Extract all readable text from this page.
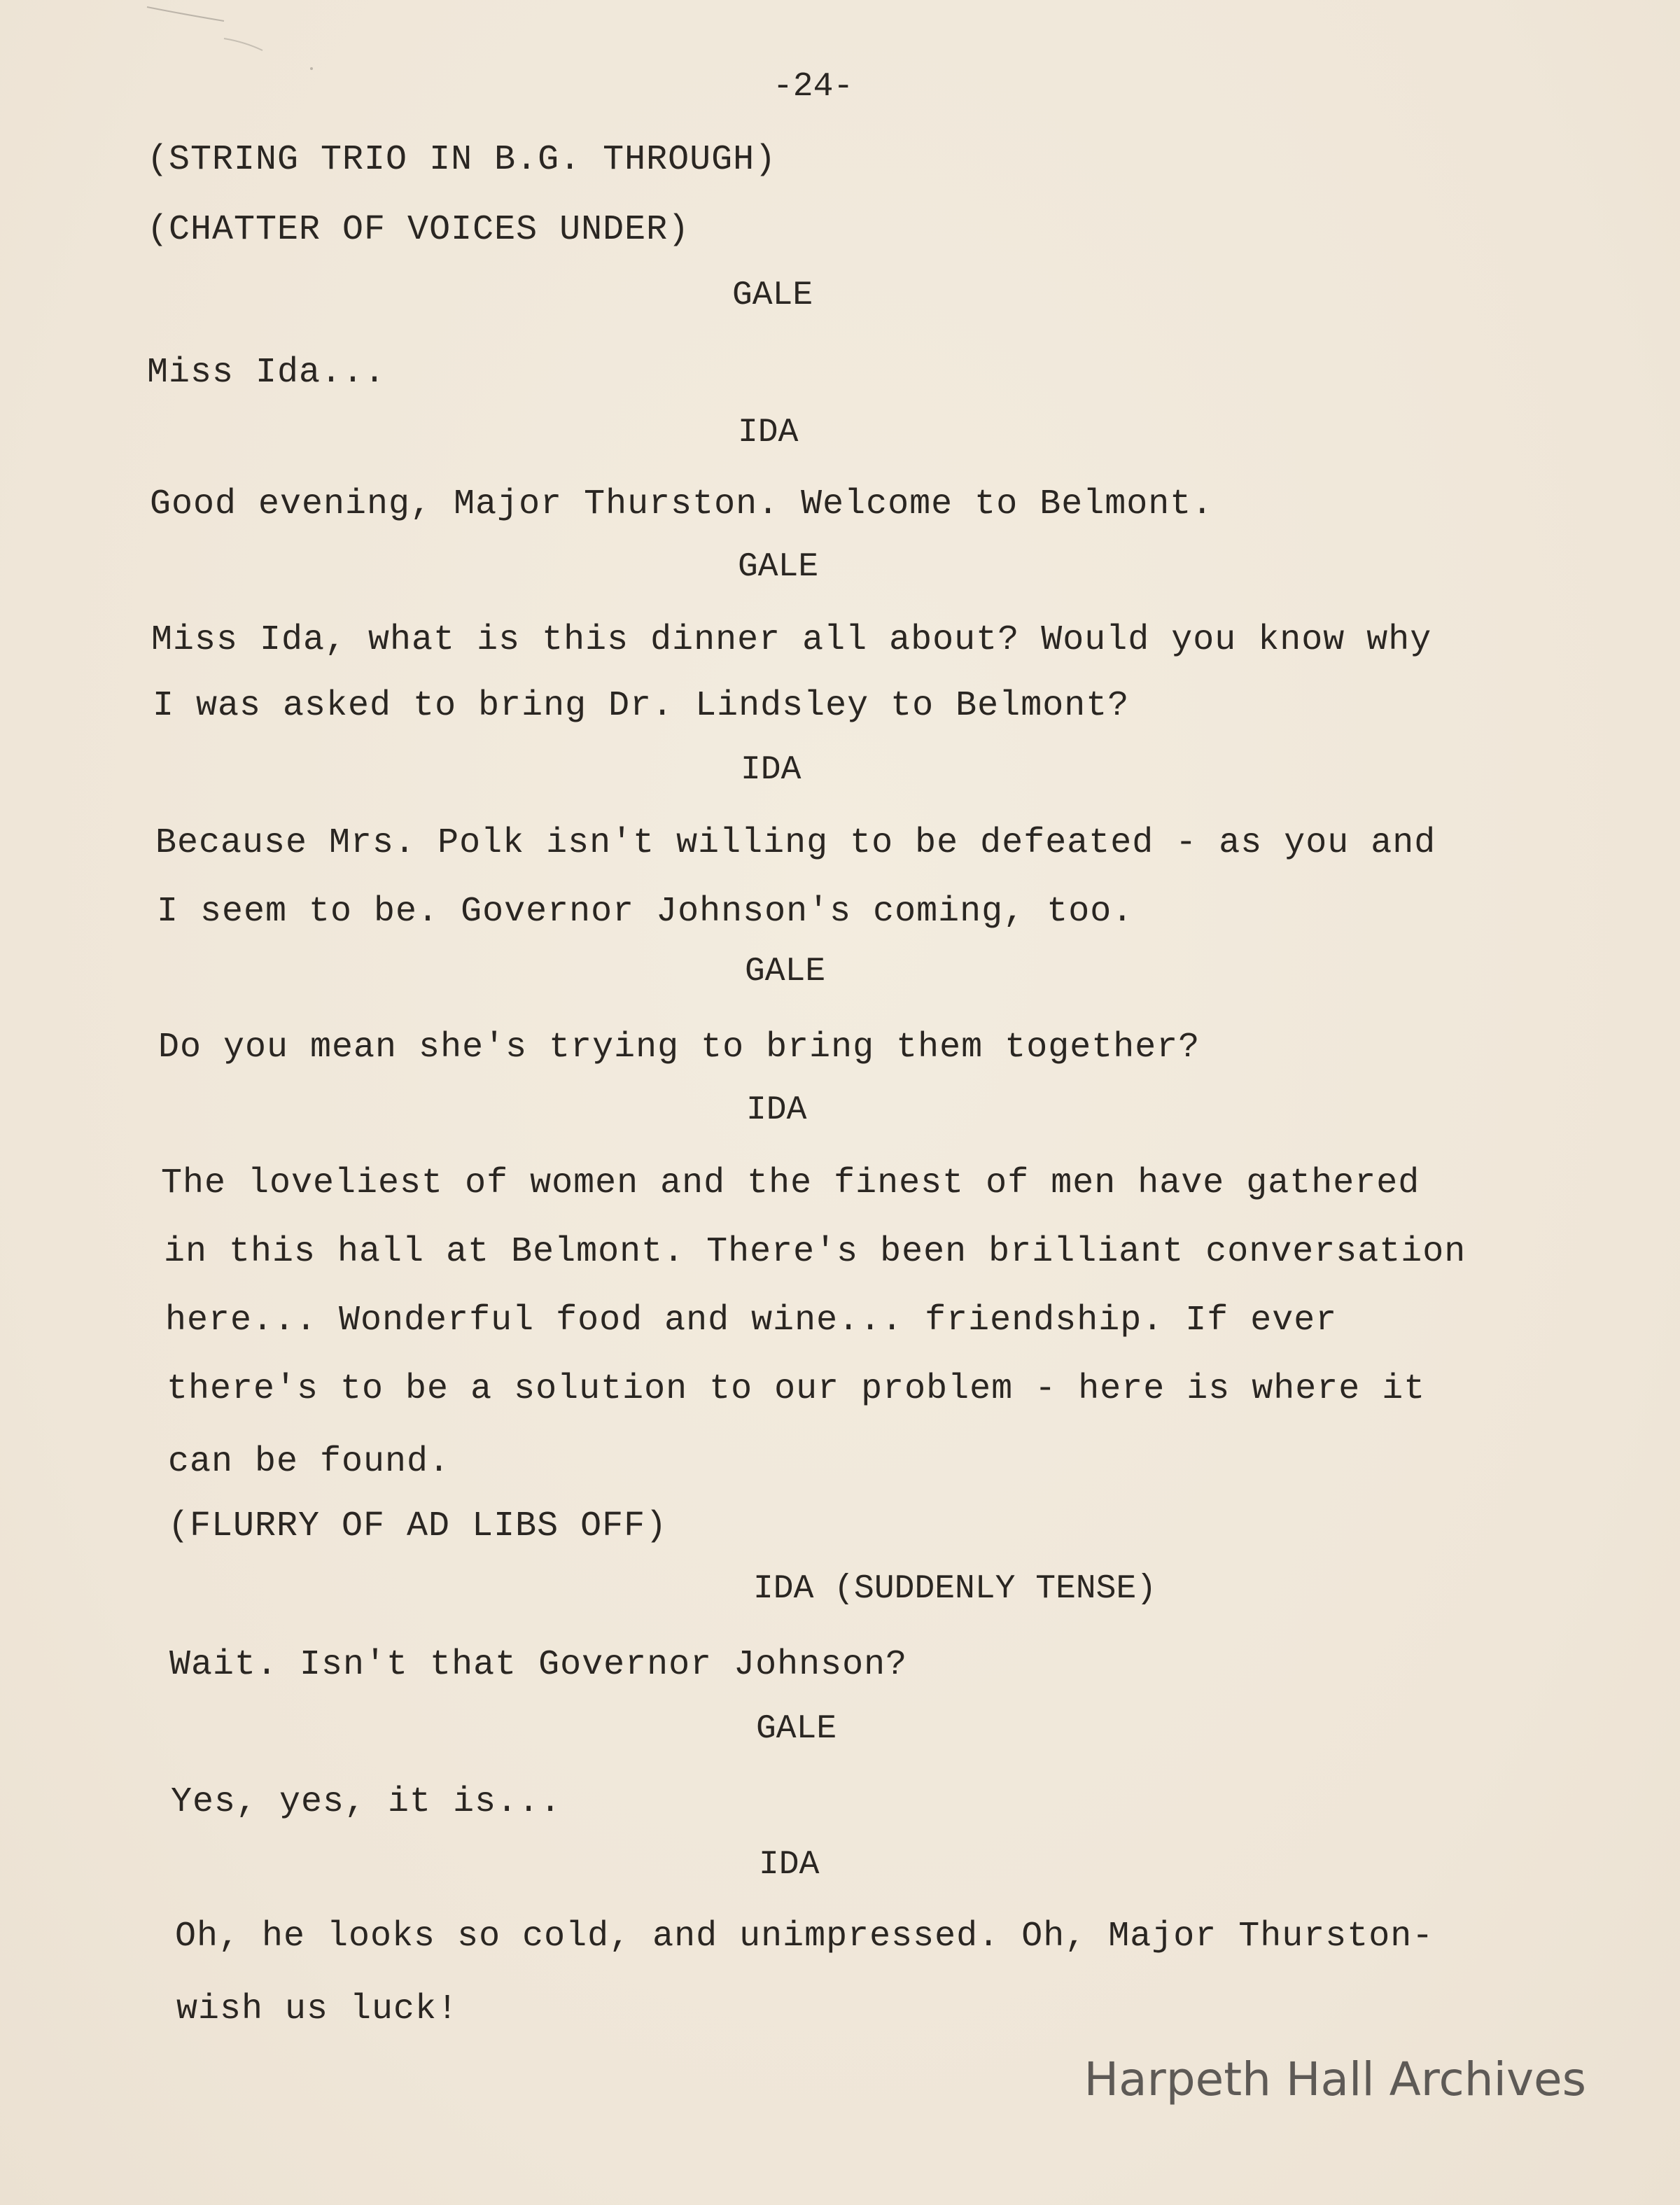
-24-
(STRING TRIO IN B.G. THROUGH)
(CHATTER OF VOICES UNDER)
GALE
Miss Ida...
IDA
Good evening, Major Thurston. Welcome to Belmont.
GALE
Miss Ida, what is this dinner all about? Would you know why
I was asked to bring Dr. Lindsley to Belmont?
IDA
Because Mrs. Polk isn't willing to be defeated - as you and
I seem to be. Governor Johnson's coming, too.
GALE
Do you mean she's trying to bring them together?
IDA
The loveliest of women and the finest of men have gathered
in this hall at Belmont. There's been brilliant conversation
here... Wonderful food and wine... friendship. If ever
there's to be a solution to our problem - here is where it
can be found.
(FLURRY OF AD LIBS OFF)
IDA (SUDDENLY TENSE)
Wait. Isn't that Governor Johnson?
GALE
Yes, yes, it is...
IDA
Oh, he looks so cold, and unimpressed. Oh, Major Thurston-
wish us luck!
Harpeth Hall Archives
